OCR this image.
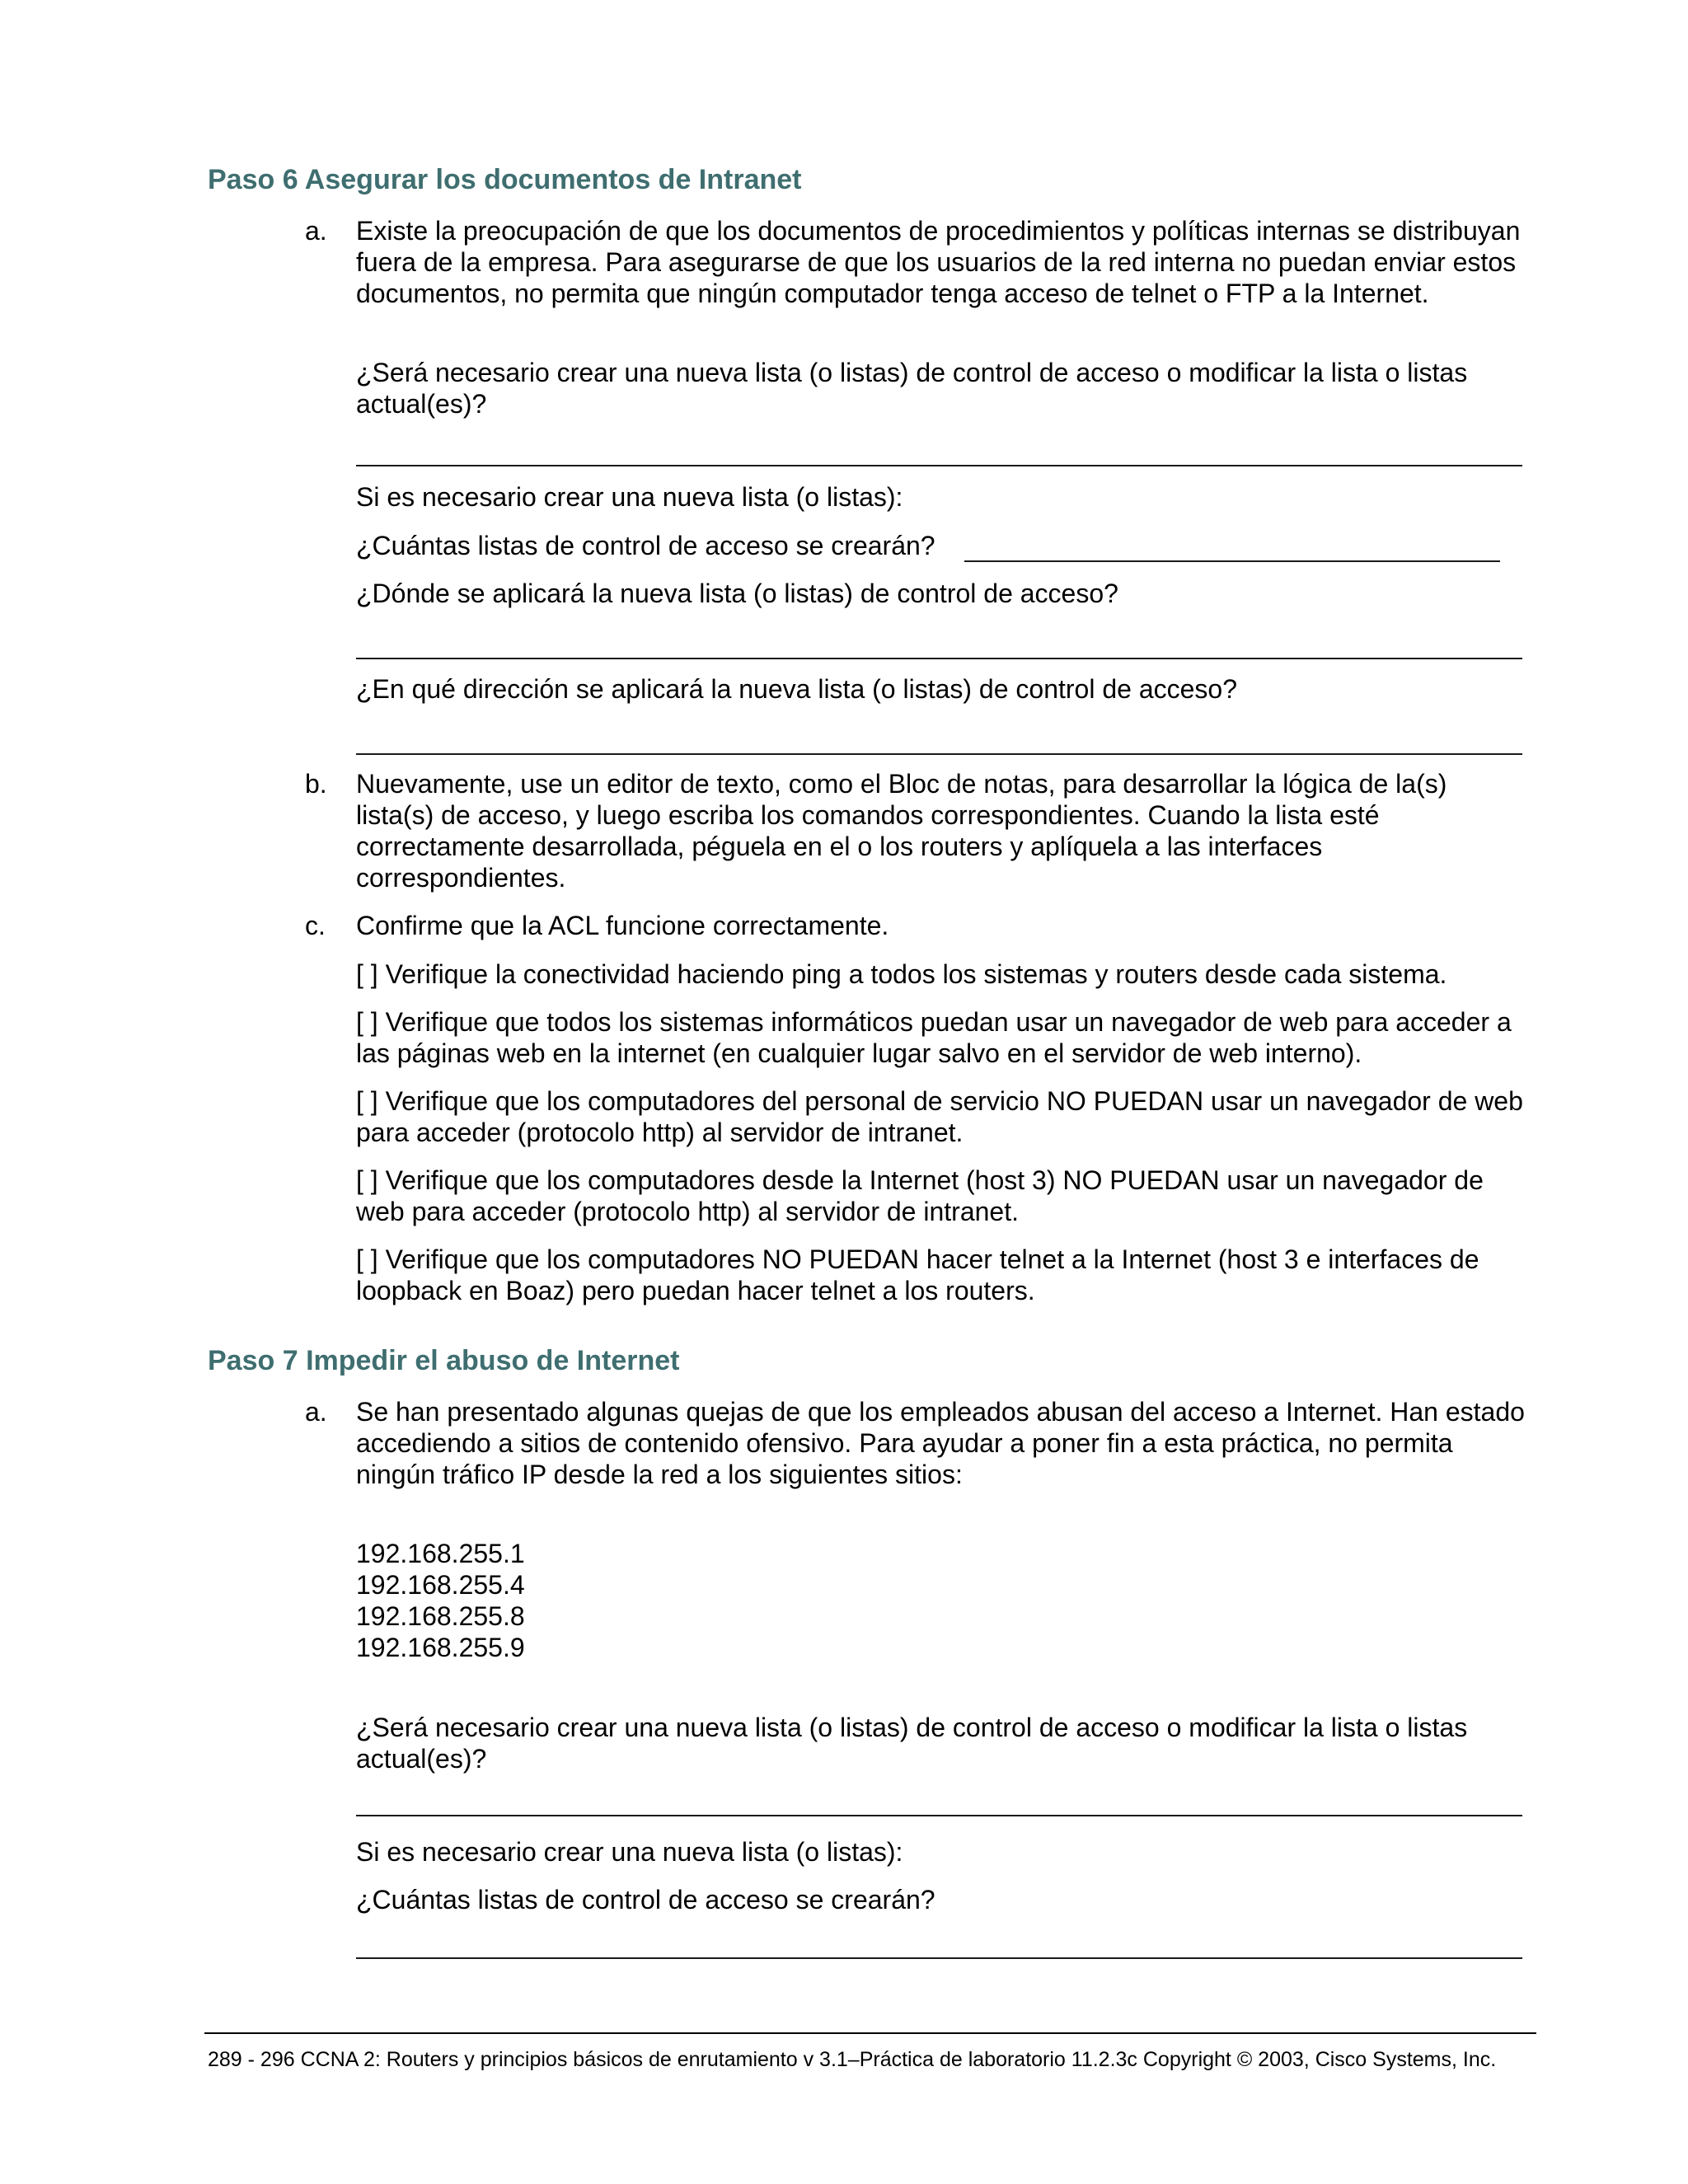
Paso 6 Asegurar los documentos de Intranet
a. Existe la preocupación de que los documentos de procedimientos y políticas internas se distribuyan fuera de la empresa. Para asegurarse de que los usuarios de la red interna no puedan enviar estos documentos, no permita que ningún computador tenga acceso de telnet o FTP a la Internet.

¿Será necesario crear una nueva lista (o listas) de control de acceso o modificar la lista o listas actual(es)?

Si es necesario crear una nueva lista (o listas):

¿Cuántas listas de control de acceso se crearán?

¿Dónde se aplicará la nueva lista (o listas) de control de acceso?

¿En qué dirección se aplicará la nueva lista (o listas) de control de acceso?

b. Nuevamente, use un editor de texto, como el Bloc de notas, para desarrollar la lógica de la(s) lista(s) de acceso, y luego escriba los comandos correspondientes. Cuando la lista esté correctamente desarrollada, péguela en el o los routers y aplíquela a las interfaces correspondientes.

c. Confirme que la ACL funcione correctamente.

[ ] Verifique la conectividad haciendo ping a todos los sistemas y routers desde cada sistema.

[ ] Verifique que todos los sistemas informáticos puedan usar un navegador de web para acceder a las páginas web en la internet (en cualquier lugar salvo en el servidor de web interno).

[ ] Verifique que los computadores del personal de servicio NO PUEDAN usar un navegador de web para acceder (protocolo http) al servidor de intranet.

[ ] Verifique que los computadores desde la Internet (host 3) NO PUEDAN usar un navegador de web para acceder (protocolo http) al servidor de intranet.

[ ] Verifique que los computadores NO PUEDAN hacer telnet a la Internet (host 3 e interfaces de loopback en Boaz) pero puedan hacer telnet a los routers.

Paso 7 Impedir el abuso de Internet
a. Se han presentado algunas quejas de que los empleados abusan del acceso a Internet. Han estado accediendo a sitios de contenido ofensivo. Para ayudar a poner fin a esta práctica, no permita ningún tráfico IP desde la red a los siguientes sitios:

192.168.255.1
192.168.255.4
192.168.255.8
192.168.255.9

¿Será necesario crear una nueva lista (o listas) de control de acceso o modificar la lista o listas actual(es)?

Si es necesario crear una nueva lista (o listas):

¿Cuántas listas de control de acceso se crearán?

289 - 296 CCNA 2: Routers y principios básicos de enrutamiento v 3.1–Práctica de laboratorio 11.2.3c Copyright © 2003, Cisco Systems, Inc.
